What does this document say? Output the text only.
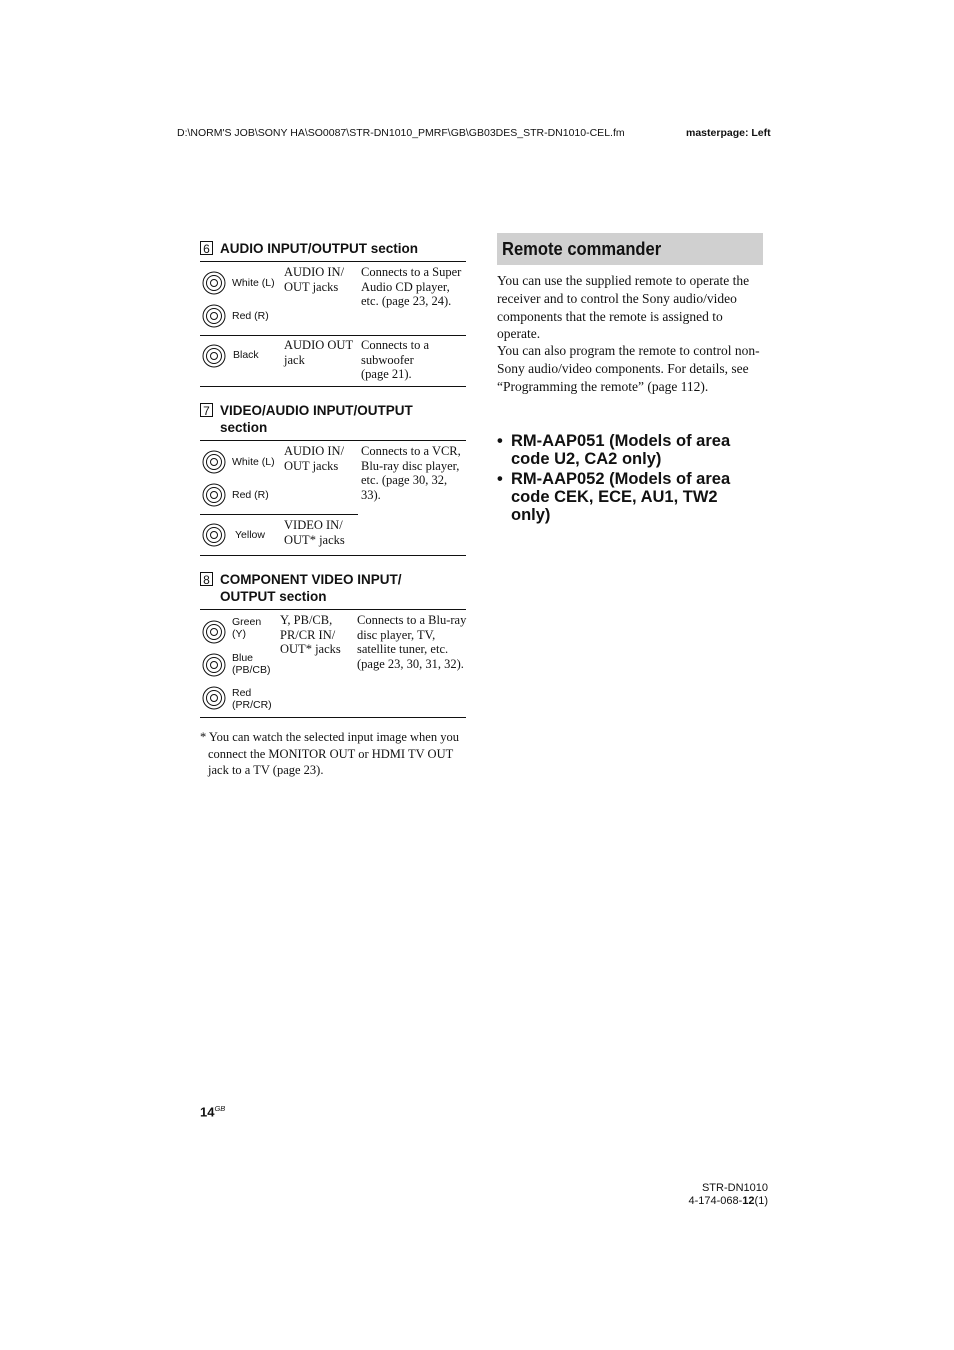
D:\NORM'S JOB\SONY HA\SO0087\STR-DN1010_PMRF\GB\GB03DES_STR-DN1010-CEL.fm	masterpage: Left
6 AUDIO INPUT/OUTPUT section
White (L)
Red (R)
AUDIO IN/ OUT jacks
Connects to a Super Audio CD player, etc. (page 23, 24).
Black
AUDIO OUT jack
Connects to a subwoofer (page 21).
7 VIDEO/AUDIO INPUT/OUTPUT section
White (L)
Red (R)
AUDIO IN/ OUT jacks
Connects to a VCR, Blu-ray disc player, etc. (page 30, 32, 33).
Yellow
VIDEO IN/ OUT* jacks
8 COMPONENT VIDEO INPUT/ OUTPUT section
Green
(Y)
Blue
(PB/CB)
Red
(PR/CR)
Y, PB/CB, PR/CR IN/ OUT* jacks
Connects to a Blu-ray disc player, TV, satellite tuner, etc. (page 23, 30, 31, 32).
* You can watch the selected input image when you connect the MONITOR OUT or HDMI TV OUT jack to a TV (page 23).
Remote commander
You can use the supplied remote to operate the receiver and to control the Sony audio/video components that the remote is assigned to operate.
You can also program the remote to control non-Sony audio/video components. For details, see “Programming the remote” (page 112).
• RM-AAP051 (Models of area code U2, CA2 only)
• RM-AAP052 (Models of area code CEK, ECE, AU1, TW2 only)
$14^{GB}$
STR-DN1010
4-174-068-12(1)
